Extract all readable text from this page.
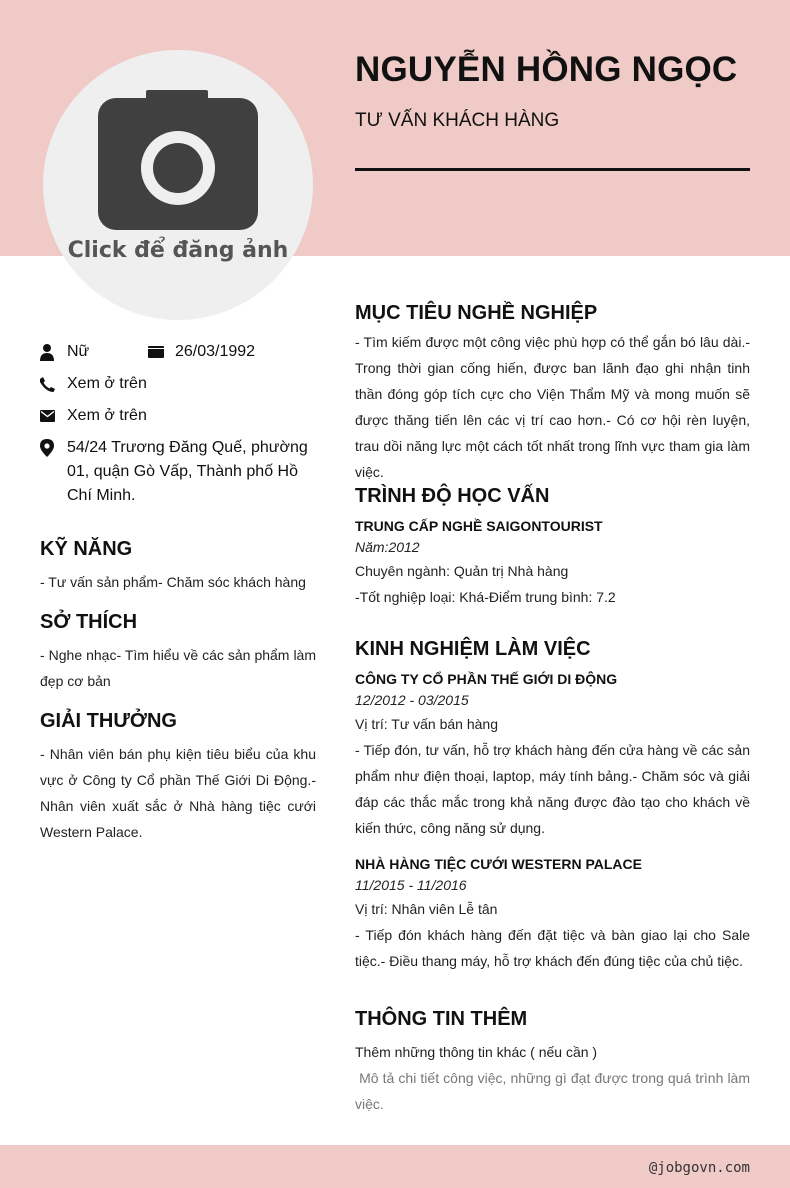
Click để đăng ảnh
NGUYỄN HỒNG NGỌC
TƯ VẤN KHÁCH HÀNG
Nữ	26/03/1992
Xem ở trên
Xem ở trên
54/24 Trương Đăng Quế, phường 01, quận Gò Vấp, Thành phố Hồ Chí Minh.
KỸ NĂNG
- Tư vấn sản phẩm- Chăm sóc khách hàng
SỞ THÍCH
- Nghe nhạc- Tìm hiểu về các sản phẩm làm đẹp cơ bản
GIẢI THƯỞNG
- Nhân viên bán phụ kiện tiêu biểu của khu vực ở Công ty Cổ phần Thế Giới Di Động.- Nhân viên xuất sắc ở Nhà hàng tiệc cưới Western Palace.
MỤC TIÊU NGHỀ NGHIỆP
- Tìm kiếm được một công việc phù hợp có thể gắn bó lâu dài.- Trong thời gian cống hiến, được ban lãnh đạo ghi nhận tinh thần đóng góp tích cực cho Viện Thẩm Mỹ và mong muốn sẽ được thăng tiến lên các vị trí cao hơn.- Có cơ hội rèn luyện, trau dồi năng lực một cách tốt nhất trong lĩnh vực tham gia làm việc.
TRÌNH ĐỘ HỌC VẤN
TRUNG CẤP NGHỀ SAIGONTOURIST
Năm:2012
Chuyên ngành: Quản trị Nhà hàng
-Tốt nghiệp loại: Khá-Điểm trung bình: 7.2
KINH NGHIỆM LÀM VIỆC
CÔNG TY CỔ PHẦN THẾ GIỚI DI ĐỘNG
12/2012 - 03/2015
Vị trí: Tư vấn bán hàng
- Tiếp đón, tư vấn, hỗ trợ khách hàng đến cửa hàng về các sản phẩm như điện thoại, laptop, máy tính bảng.- Chăm sóc và giải đáp các thắc mắc trong khả năng được đào tạo cho khách về kiến thức, công năng sử dụng.
NHÀ HÀNG TIỆC CƯỚI WESTERN PALACE
11/2015 - 11/2016
Vị trí: Nhân viên Lễ tân
- Tiếp đón khách hàng đến đặt tiệc và bàn giao lại cho Sale tiệc.- Điều thang máy, hỗ trợ khách đến đúng tiệc của chủ tiệc.
THÔNG TIN THÊM
Thêm những thông tin khác ( nếu cần )
Mô tả chi tiết công việc, những gì đạt được trong quá trình làm việc.
@jobgovn.com
